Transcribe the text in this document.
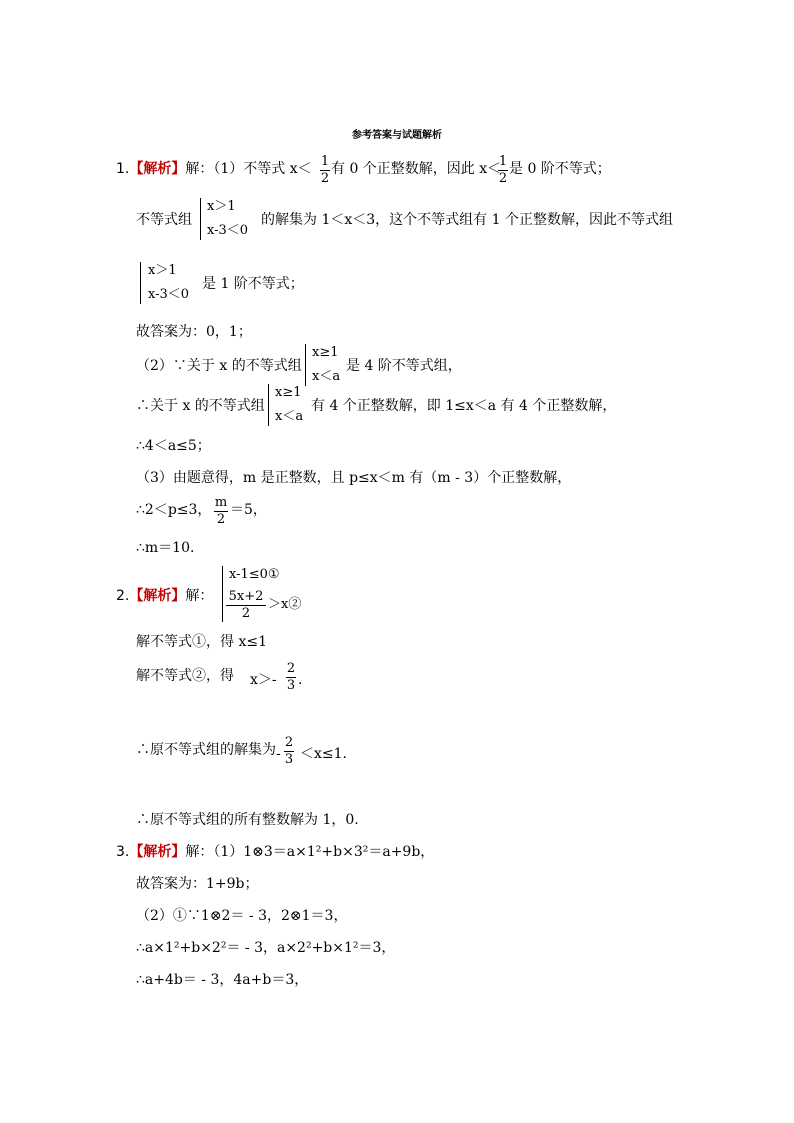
参考答案与试题解析
1.【解析】解：（1）不等式 x＜ 1
2
有 0 个正整数解，因此 x＜
1
2
是 0 阶不等式；
不等式组
x＞1
x-3＜0
的解集为 1＜x＜3，这个不等式组有 1 个正整数解，因此不等式组
x＞1
x-3＜0
是 1 阶不等式；
故答案为：0，1；
（2）∵关于 x 的不等式组
x≥1
x＜a
是 4 阶不等式组，
∴关于 x 的不等式组
x≥1
x＜a
有 4 个正整数解，即 1≤x＜a 有 4 个正整数解，
∴4＜a≤5；
（3）由题意得，m 是正整数，且 p≤x＜m 有（m - 3）个正整数解，
∴2＜p≤3， m
2
＝5，
∴m＝10.
2.【解析】解：
x-1≤0①
5x+2
2
＞x②
解不等式①，得 x≤1
解不等式②，得 x＞-
2
3 .
∴原不等式组的解集为 -
2
3 ＜x≤1.
∴原不等式组的所有整数解为 1，0.
3.【解析】解：（1）1⊗3＝a×1²+b×3²＝a+9b，
故答案为：1+9b；
（2）①∵1⊗2＝ - 3，2⊗1＝3，
∴a×1²+b×2²＝ - 3，a×2²+b×1²＝3，
∴a+4b＝ - 3，4a+b＝3，
